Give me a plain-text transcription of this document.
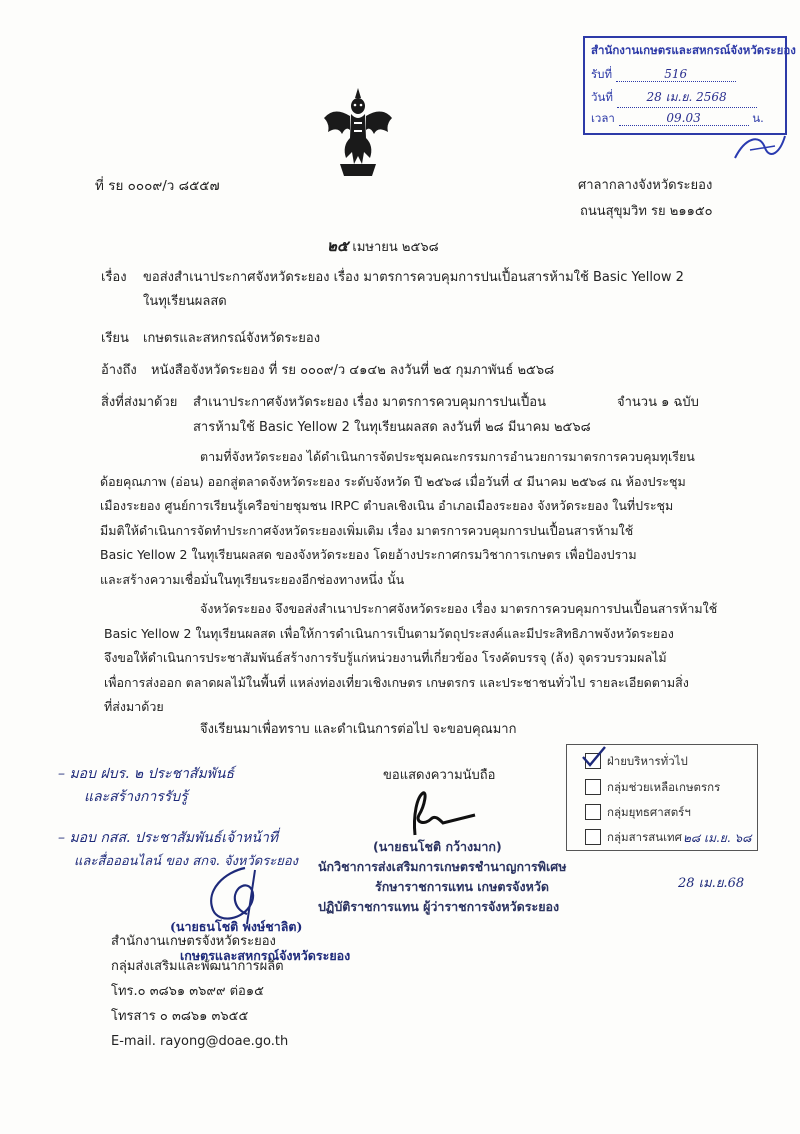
สำนักงานเกษตรและสหกรณ์จังหวัดระยอง
รับที่	516
วันที่	28 เม.ย. 2568
เวลา	09.03	น.
ที่ รย ๐๐๐๙/ว ๘๕๕๗	ศาลากลางจังหวัดระยอง
ถนนสุขุมวิท รย ๒๑๑๕๐
๒๕ เมษายน ๒๕๖๘
เรื่อง ขอส่งสำเนาประกาศจังหวัดระยอง เรื่อง มาตรการควบคุมการปนเปื้อนสารห้ามใช้ Basic Yellow 2
ในทุเรียนผลสด
เรียน เกษตรและสหกรณ์จังหวัดระยอง
อ้างถึง หนังสือจังหวัดระยอง ที่ รย ๐๐๐๙/ว ๔๑๔๒ ลงวันที่ ๒๕ กุมภาพันธ์ ๒๕๖๘
สิ่งที่ส่งมาด้วย สำเนาประกาศจังหวัดระยอง เรื่อง มาตรการควบคุมการปนเปื้อน
สารห้ามใช้ Basic Yellow 2 ในทุเรียนผลสด ลงวันที่ ๒๘ มีนาคม ๒๕๖๘
จำนวน ๑ ฉบับ
ตามที่จังหวัดระยอง ได้ดำเนินการจัดประชุมคณะกรรมการอำนวยการมาตรการควบคุมทุเรียน
ด้อยคุณภาพ (อ่อน) ออกสู่ตลาดจังหวัดระยอง ระดับจังหวัด ปี ๒๕๖๘ เมื่อวันที่ ๔ มีนาคม ๒๕๖๘ ณ ห้องประชุม
เมืองระยอง ศูนย์การเรียนรู้เครือข่ายชุมชน IRPC ตำบลเชิงเนิน อำเภอเมืองระยอง จังหวัดระยอง ในที่ประชุม
มีมติให้ดำเนินการจัดทำประกาศจังหวัดระยองเพิ่มเติม เรื่อง มาตรการควบคุมการปนเปื้อนสารห้ามใช้
Basic Yellow 2 ในทุเรียนผลสด ของจังหวัดระยอง โดยอ้างประกาศกรมวิชาการเกษตร เพื่อป้องปราม
และสร้างความเชื่อมั่นในทุเรียนระยองอีกช่องทางหนึ่ง นั้น
จังหวัดระยอง จึงขอส่งสำเนาประกาศจังหวัดระยอง เรื่อง มาตรการควบคุมการปนเปื้อนสารห้ามใช้
Basic Yellow 2 ในทุเรียนผลสด เพื่อให้การดำเนินการเป็นตามวัตถุประสงค์และมีประสิทธิภาพจังหวัดระยอง
จึงขอให้ดำเนินการประชาสัมพันธ์สร้างการรับรู้แก่หน่วยงานที่เกี่ยวข้อง โรงคัดบรรจุ (ล้ง) จุดรวบรวมผลไม้
เพื่อการส่งออก ตลาดผลไม้ในพื้นที่ แหล่งท่องเที่ยวเชิงเกษตร เกษตรกร และประชาชนทั่วไป รายละเอียดตามสิ่ง
ที่ส่งมาด้วย
จึงเรียนมาเพื่อทราบ และดำเนินการต่อไป จะขอบคุณมาก
ขอแสดงความนับถือ
(นายธนโชติ กว้างมาก)
นักวิชาการส่งเสริมการเกษตรชำนาญการพิเศษ
รักษาราชการแทน เกษตรจังหวัด
ปฏิบัติราชการแทน ผู้ว่าราชการจังหวัดระยอง
– มอบ ฝบร. ๒ ประชาสัมพันธ์
และสร้างการรับรู้
– มอบ กสส. ประชาสัมพันธ์เจ้าหน้าที่
และสื่อออนไลน์ ของ สกจ. จังหวัดระยอง
(นายธนโชติ พงษ์ชาลิต)
เกษตรและสหกรณ์จังหวัดระยอง
ฝ่ายบริหารทั่วไป
กลุ่มช่วยเหลือเกษตรกร
กลุ่มยุทธศาสตร์ฯ
กลุ่มสารสนเทศ ๒๘ เม.ย. ๖๘
28 เม.ย.68
สำนักงานเกษตรจังหวัดระยอง
กลุ่มส่งเสริมและพัฒนาการผลิต
โทร.๐ ๓๘๖๑ ๓๖๙๙ ต่อ๑๕
โทรสาร ๐ ๓๘๖๑ ๓๖๕๕
E-mail. rayong@doae.go.th
